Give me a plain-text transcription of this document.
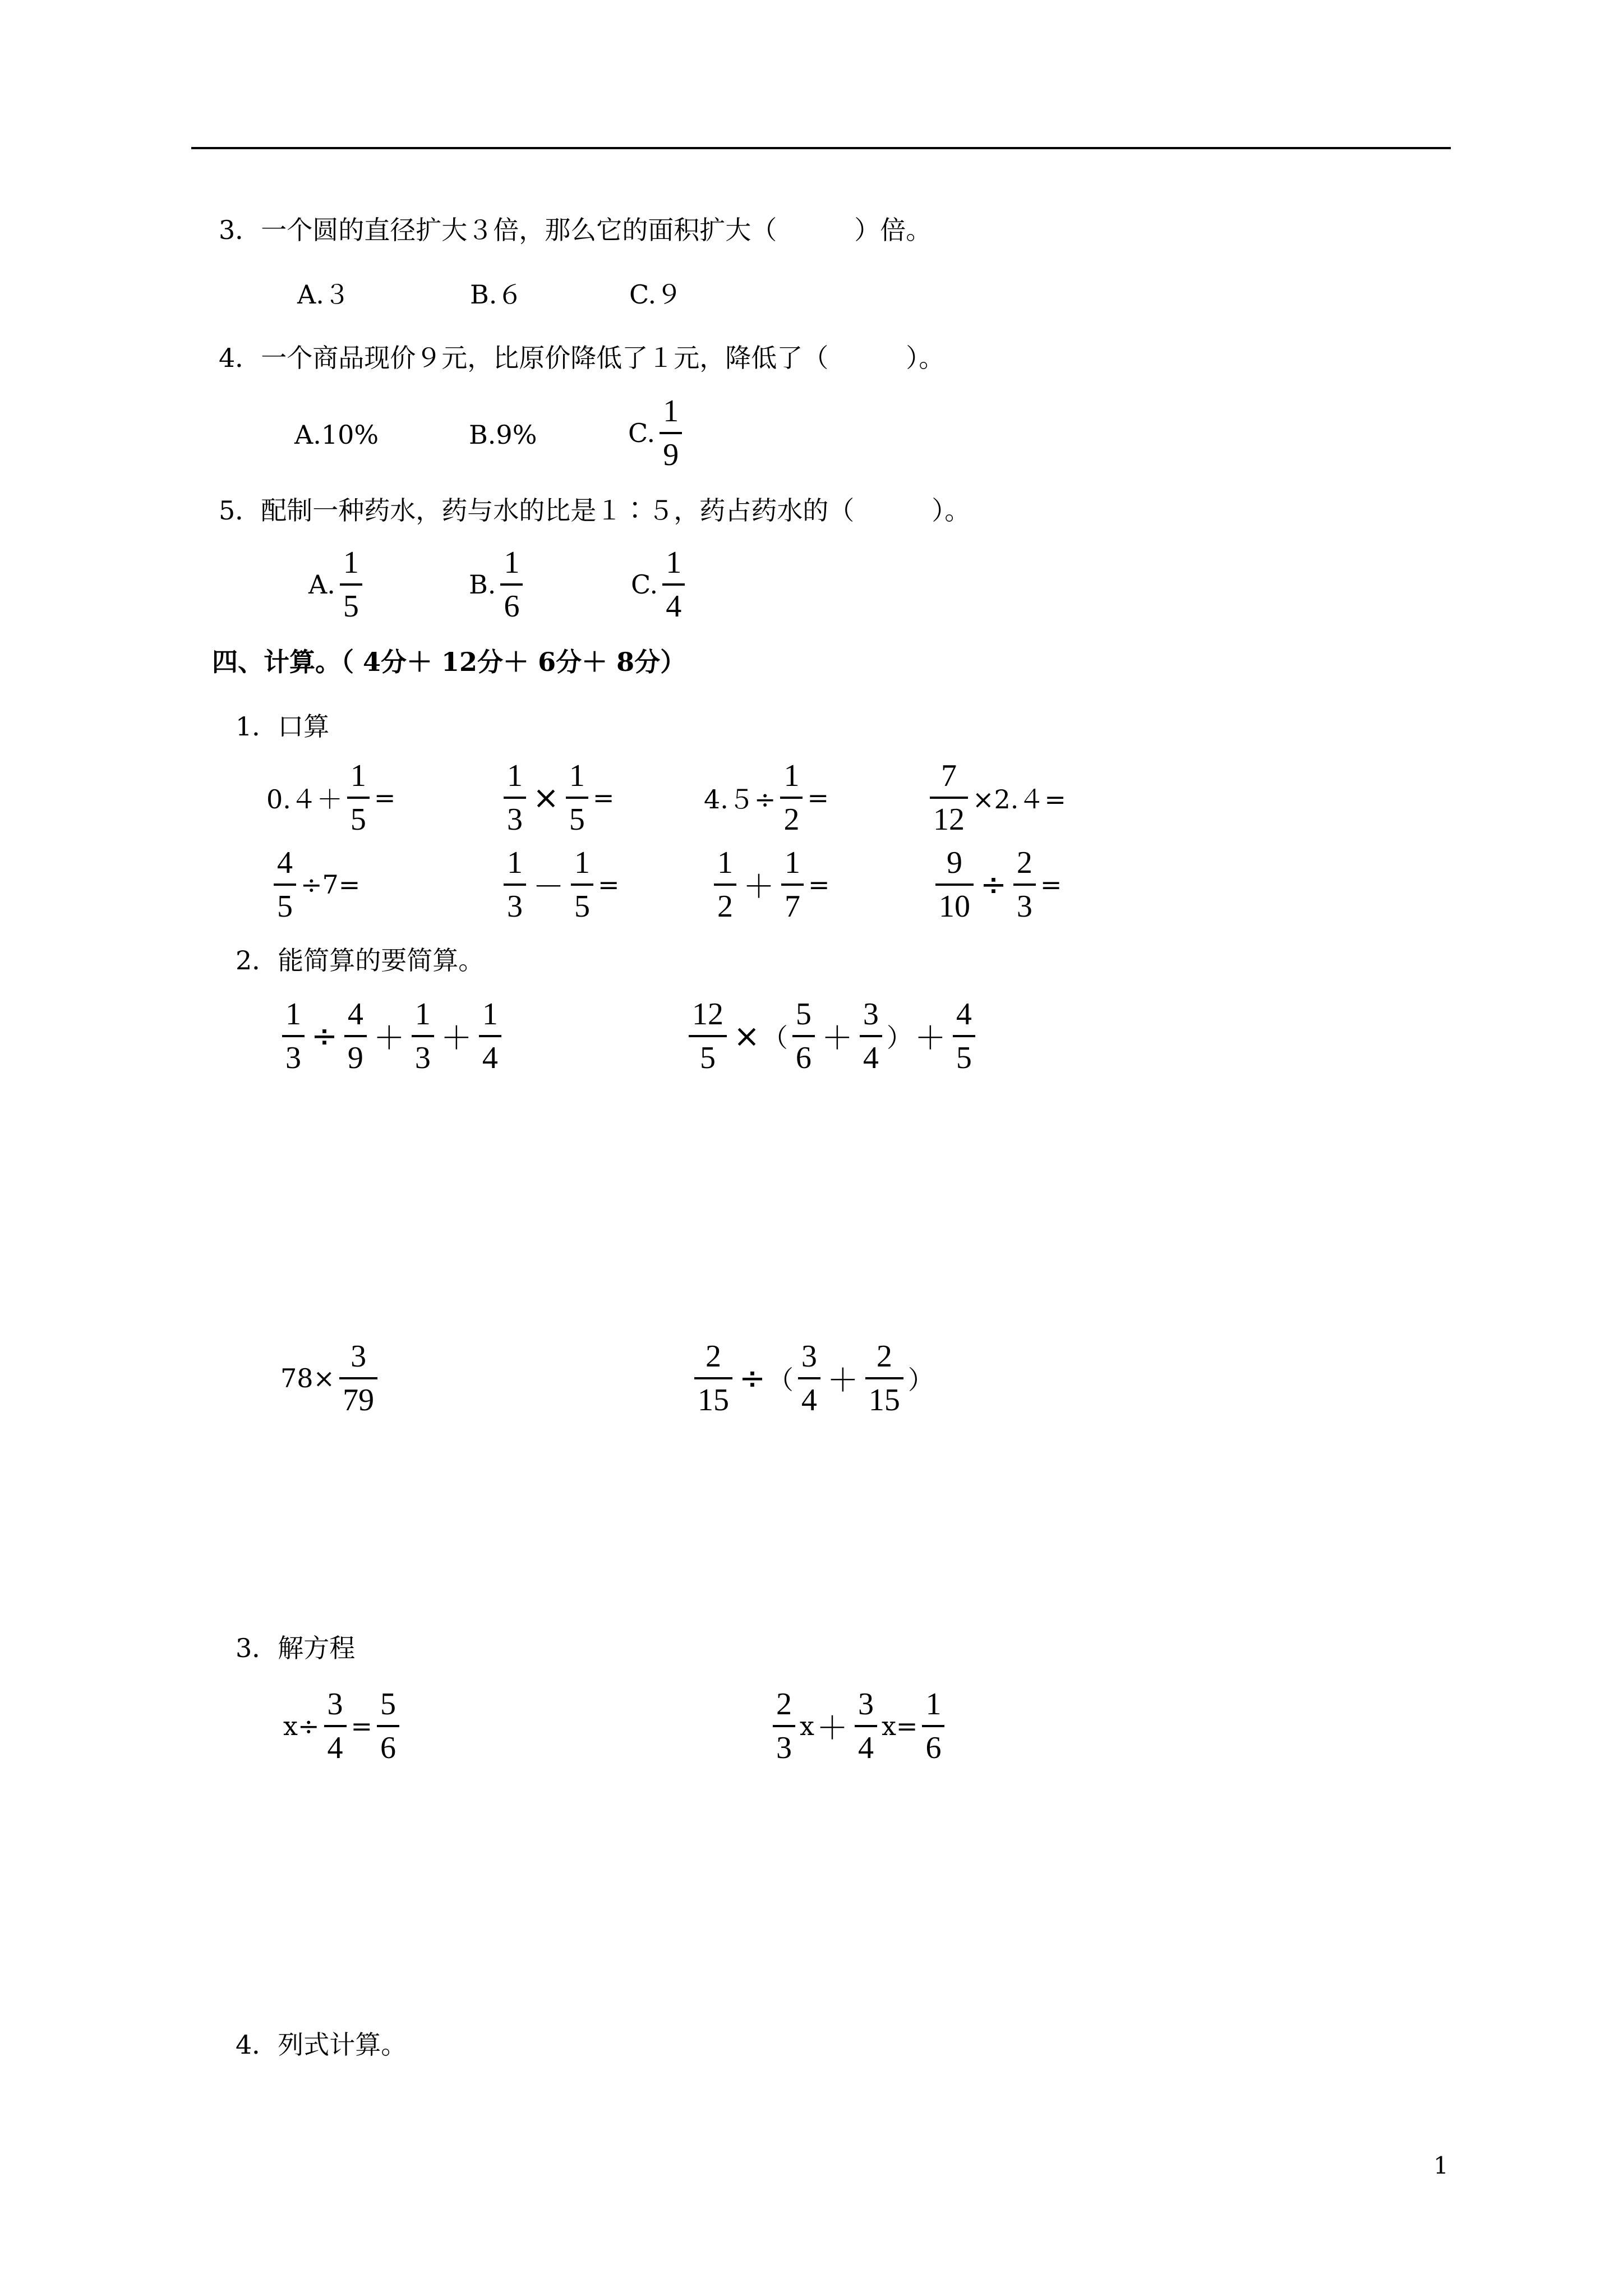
3．一个圆的直径扩大３倍，那么它的面积扩大（　　　）倍。
A.３	B.６	C.９
4．一个商品现价９元，比原价降低了１元，降低了（　　　）。
A.10%	B.9%	C. $\frac{1}{9}$
5．配制一种药水，药与水的比是１∶５，药占药水的（　　　）。
A. $\frac{1}{5}$	B. $\frac{1}{6}$	C. $\frac{1}{4}$
四、计算。（ 4分＋ 12分＋ 6分＋ 8分）
1．口算
$0.4+ \frac{1}{5}$ =	$\frac{1}{3} \times \frac{1}{5}$ =	$4.5\div \frac{1}{2}$ =	$\frac{7}{12} \times 2.4=$
$\frac{4}{5} \div 7=$	$\frac{1}{3} - \frac{1}{5}$ =	$\frac{1}{2} + \frac{1}{7}$ =	$\frac{9}{10} \div \frac{2}{3}$ =
2．能简算的要简算。
$\frac{1}{3} \div \frac{4}{9} + \frac{1}{3} + \frac{1}{4}$	$\frac{12}{5}$ × （ $\frac{5}{6} + \frac{3}{4}$ ） ＋ $\frac{4}{5}$
$78\times \frac{3}{79}$	$\frac{2}{15}$ ÷ （ $\frac{3}{4} + \frac{2}{15}$ ）
3．解方程
$x\div \frac{3}{4} = \frac{5}{6}$	$\frac{2}{3}$ $x + \frac{3}{4}$ $x = \frac{1}{6}$
4．列式计算。
1
